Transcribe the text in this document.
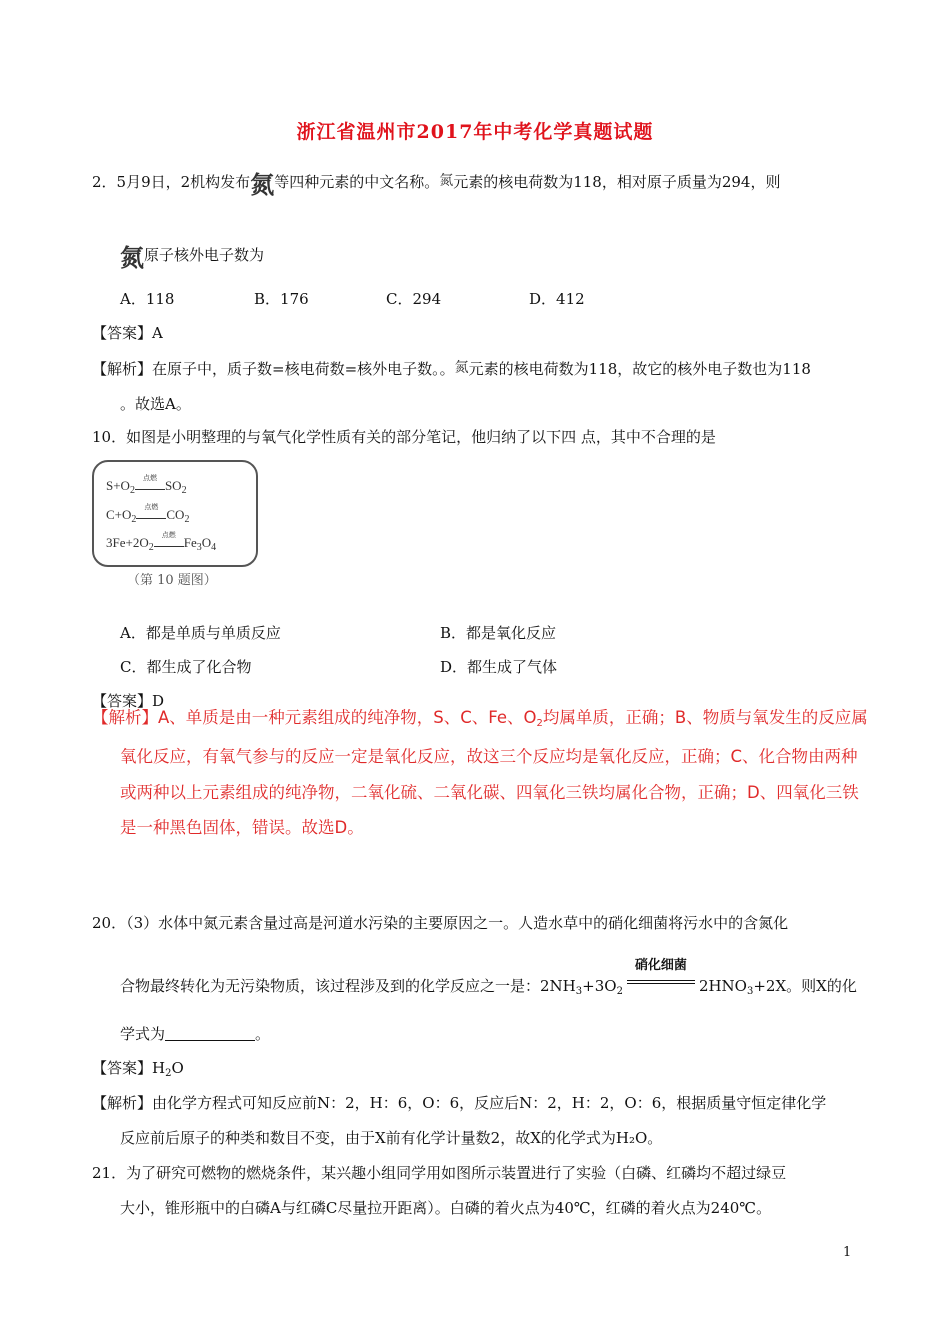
浙江省温州市2017年中考化学真题试题
2．5月9日，2机构发布氮等四种元素的中文名称。氮元素的核电荷数为118，相对原子质量为294，则
氮原子核外电子数为
A．118	B．176	C．294	D．412
【答案】A
【解析】在原子中，质子数=核电荷数=核外电子数。。氮元素的核电荷数为118，故它的核外电子数也为118
。故选A。
10．如图是小明整理的与氧气化学性质有关的部分笔记，他归纳了以下四 点，其中不合理的是
$S+O_2$
点燃 $SO_2$
$C+O_2$
点燃 $CO_2$
$3Fe+2O_2$
点燃 $Fe_3O_4$
（第 10 题图）
A．都是单质与单质反应	B．都是氧化反应
C．都生成了化合物	D．都生成了气体
【答案】D
【解析】A、单质是由一种元素组成的纯净物，S、C、Fe、$O_2$均属单质，正确；B、物质与氧发生的反应属
氧化反应，有氧气参与的反应一定是氧化反应，故这三个反应均是氧化反应，正确；C、化合物由两种
或两种以上元素组成的纯净物，二氧化硫、二氧化碳、四氧化三铁均属化合物，正确；D、四氧化三铁
是一种黑色固体，错误。故选D。
20．（3）水体中氮元素含量过高是河道水污染的主要原因之一。人造水草中的硝化细菌将污水中的含氮化
合物最终转化为无污染物质，该过程涉及到的化学反应之一是：$2NH_3+3O_2$
硝化细菌
$2HNO_3+2X$。则X的化
学式为	。
【答案】$H_2O$
【解析】由化学方程式可知反应前N：2，H：6，O：6，反应后N：2，H：2，O：6，根据质量守恒定律化学
反应前后原子的种类和数目不变，由于X前有化学计量数2，故X的化学式为H₂O。
21．为了研究可燃物的燃烧条件，某兴趣小组同学用如图所示装置进行了实验（白磷、红磷均不超过绿豆
大小，锥形瓶中的白磷A与红磷C尽量拉开距离）。白磷的着火点为40℃，红磷的着火点为240℃。
1
